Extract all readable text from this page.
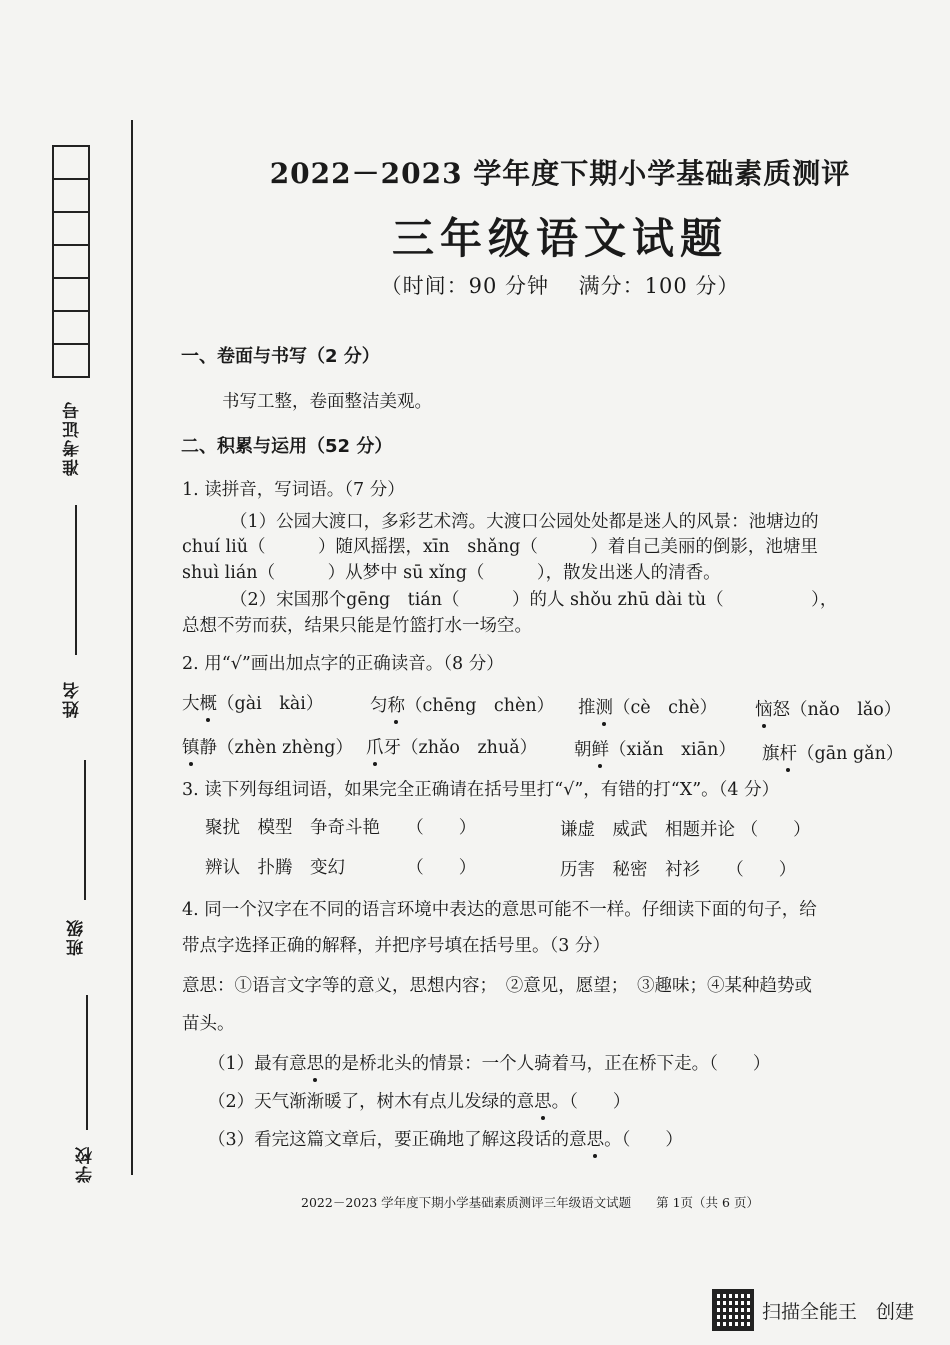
准考证号
姓名
班级
学校
2022－2023 学年度下期小学基础素质测评
三年级语文试题
（时间：90 分钟　 满分：100 分）
一、卷面与书写（2 分）
书写工整，卷面整洁美观。
二、积累与运用（52 分）
1. 读拼音，写词语。（7 分）
（1）公园大渡口，多彩艺术湾。大渡口公园处处都是迷人的风景：池塘边的
chuí liǔ（　　　）随风摇摆，xīn　shǎng（　　　）着自己美丽的倒影，池塘里
shuì lián（　　　）从梦中 sū xǐng（　　　），散发出迷人的清香。
（2）宋国那个gēng　tián（　　　）的人 shǒu zhū dài tù（　　　　　），
总想不劳而获，结果只能是竹篮打水一场空。
2. 用“√”画出加点字的正确读音。（8 分）
大概（gài　kài）	匀称（chēng　chèn） 推测（cè　chè） 恼怒（nǎo　lǎo）
镇静（zhèn zhèng） 爪牙（zhǎo　zhuǎ） 朝鲜（xiǎn　xiān） 旗杆（gān gǎn）
3. 读下列每组词语，如果完全正确请在括号里打“√”，有错的打“X”。（4 分）
聚扰　模型　争奇斗艳　　 （　　）	谦虚　威武　相题并论 （　　）
辨认　扑腾　变幻　　　　	（　　）	历害　秘密　衬衫　　 （　　）
4. 同一个汉字在不同的语言环境中表达的意思可能不一样。仔细读下面的句子，给
带点字选择正确的解释，并把序号填在括号里。（3 分）
意思：①语言文字等的意义，思想内容；　②意见，愿望；　③趣味；④某种趋势或
苗头。
（1）最有意思的是桥北头的情景：一个人骑着马，正在桥下走。（　　）
（2）天气渐渐暖了，树木有点儿发绿的意思。（　　）
（3）看完这篇文章后，要正确地了解这段话的意思。（　　）
2022－2023 学年度下期小学基础素质测评三年级语文试题　　第 1页（共 6 页）
扫描全能王　创建
